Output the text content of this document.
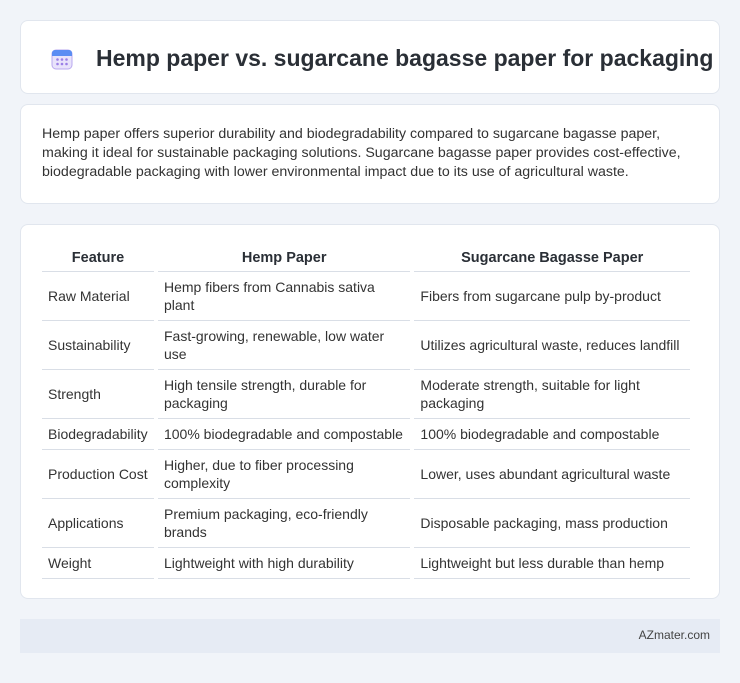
Hemp paper vs. sugarcane bagasse paper for packaging

Hemp paper offers superior durability and biodegradability compared to sugarcane bagasse paper, making it ideal for sustainable packaging solutions. Sugarcane bagasse paper provides cost-effective, biodegradable packaging with lower environmental impact due to its use of agricultural waste.

Feature	Hemp Paper	Sugarcane Bagasse Paper
Raw Material	Hemp fibers from Cannabis sativa plant	Fibers from sugarcane pulp by-product
Sustainability	Fast-growing, renewable, low water use	Utilizes agricultural waste, reduces landfill
Strength	High tensile strength, durable for packaging	Moderate strength, suitable for light packaging
Biodegradability	100% biodegradable and compostable	100% biodegradable and compostable
Production Cost	Higher, due to fiber processing complexity	Lower, uses abundant agricultural waste
Applications	Premium packaging, eco-friendly brands	Disposable packaging, mass production
Weight	Lightweight with high durability	Lightweight but less durable than hemp
AZmater.com
